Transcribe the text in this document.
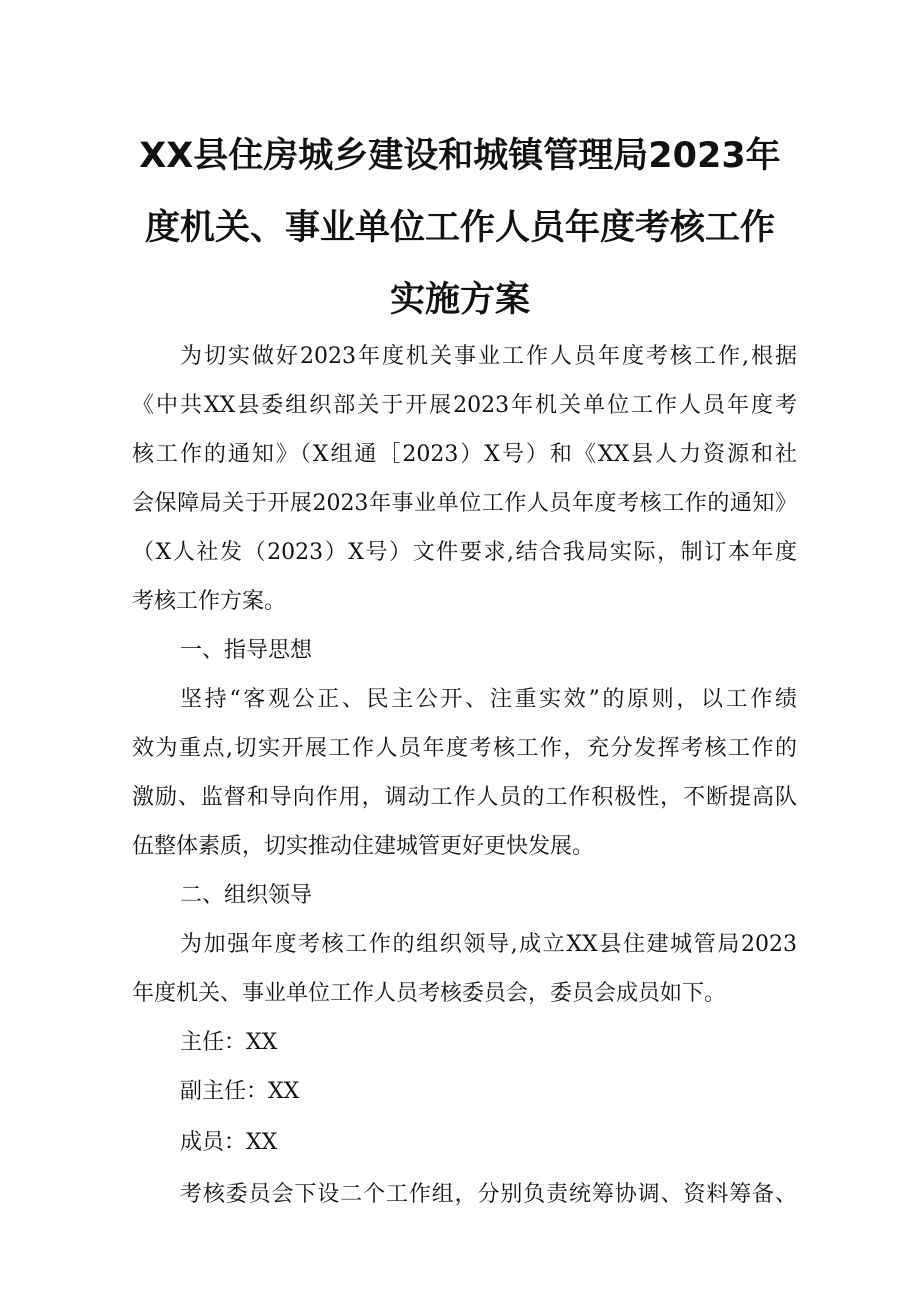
XX县住房城乡建设和城镇管理局2023年
度机关、事业单位工作人员年度考核工作
实施方案
为切实做好2023年度机关事业工作人员年度考核工作,根据
《中共XX县委组织部关于开展2023年机关单位工作人员年度考
核工作的通知》（X组通［2023）X号）和《XX县人力资源和社
会保障局关于开展2023年事业单位工作人员年度考核工作的通知》
（X人社发（2023）X号）文件要求,结合我局实际，制订本年度
考核工作方案。
一、指导思想
坚持“客观公正、民主公开、注重实效”的原则，以工作绩
效为重点,切实开展工作人员年度考核工作，充分发挥考核工作的
激励、监督和导向作用，调动工作人员的工作积极性，不断提高队
伍整体素质，切实推动住建城管更好更快发展。
二、组织领导
为加强年度考核工作的组织领导,成立XX县住建城管局2023
年度机关、事业单位工作人员考核委员会，委员会成员如下。
主任：XX
副主任：XX
成员：XX
考核委员会下设二个工作组，分别负责统筹协调、资料筹备、
